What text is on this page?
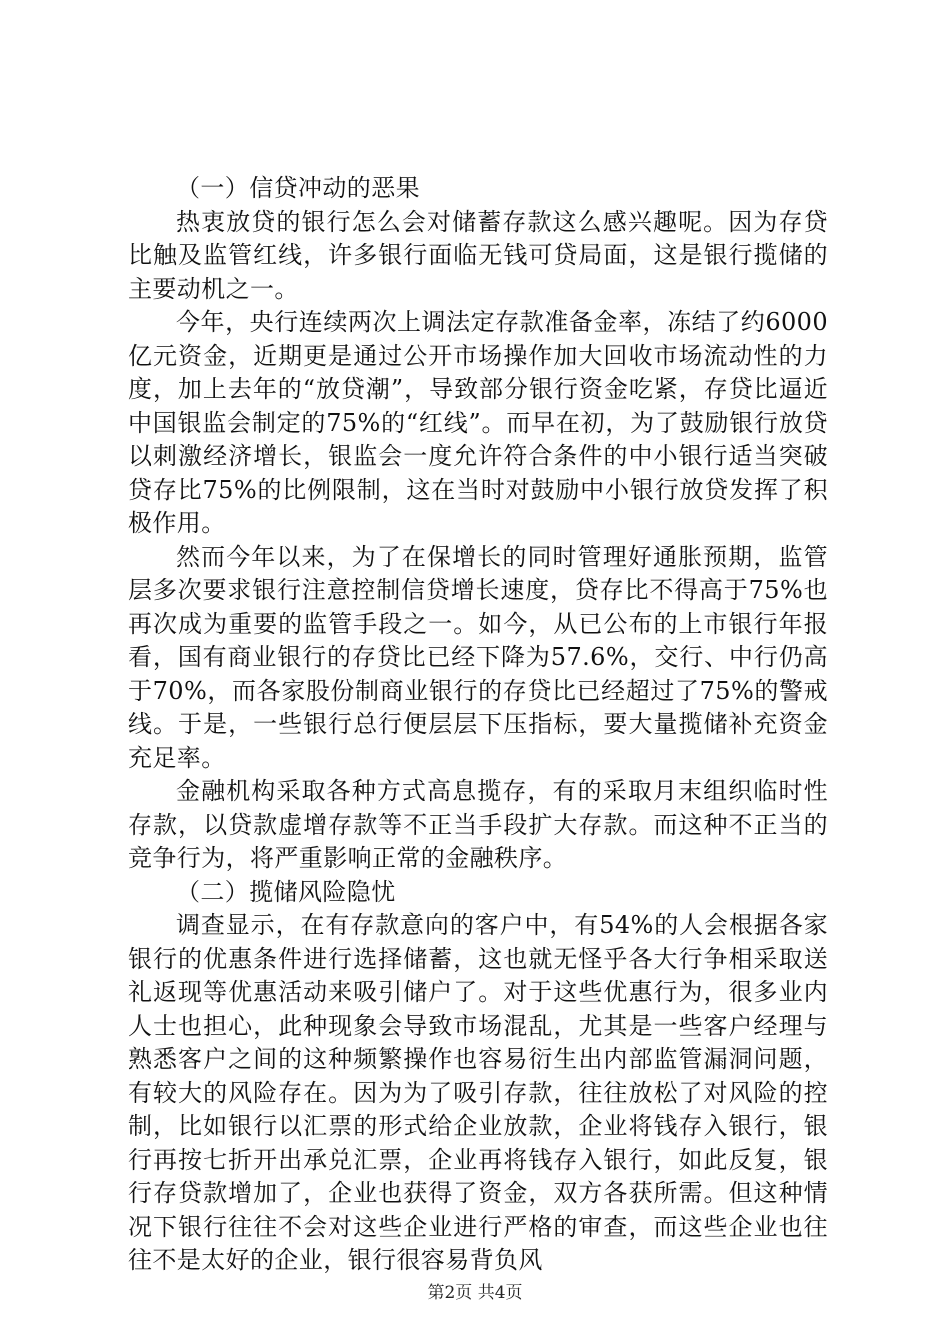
（一）信贷冲动的恶果

热衷放贷的银行怎么会对储蓄存款这么感兴趣呢。因为存贷比触及监管红线，许多银行面临无钱可贷局面，这是银行揽储的主要动机之一。

今年，央行连续两次上调法定存款准备金率，冻结了约6000亿元资金，近期更是通过公开市场操作加大回收市场流动性的力度，加上去年的“放贷潮”，导致部分银行资金吃紧，存贷比逼近中国银监会制定的75%的“红线”。而早在初，为了鼓励银行放贷以刺激经济增长，银监会一度允许符合条件的中小银行适当突破贷存比75%的比例限制，这在当时对鼓励中小银行放贷发挥了积极作用。

然而今年以来，为了在保增长的同时管理好通胀预期，监管层多次要求银行注意控制信贷增长速度，贷存比不得高于75%也再次成为重要的监管手段之一。如今，从已公布的上市银行年报看，国有商业银行的存贷比已经下降为57.6%，交行、中行仍高于70%，而各家股份制商业银行的存贷比已经超过了75%的警戒线。于是，一些银行总行便层层下压指标，要大量揽储补充资金充足率。

金融机构采取各种方式高息揽存，有的采取月末组织临时性存款，以贷款虚增存款等不正当手段扩大存款。而这种不正当的竞争行为，将严重影响正常的金融秩序。

（二）揽储风险隐忧

调查显示，在有存款意向的客户中，有54%的人会根据各家银行的优惠条件进行选择储蓄，这也就无怪乎各大行争相采取送礼返现等优惠活动来吸引储户了。对于这些优惠行为，很多业内人士也担心，此种现象会导致市场混乱，尤其是一些客户经理与熟悉客户之间的这种频繁操作也容易衍生出内部监管漏洞问题，有较大的风险存在。因为为了吸引存款，往往放松了对风险的控制，比如银行以汇票的形式给企业放款，企业将钱存入银行，银行再按七折开出承兑汇票，企业再将钱存入银行，如此反复，银行存贷款增加了，企业也获得了资金，双方各获所需。但这种情况下银行往往不会对这些企业进行严格的审查，而这些企业也往往不是太好的企业，银行很容易背负风

第2页 共4页
